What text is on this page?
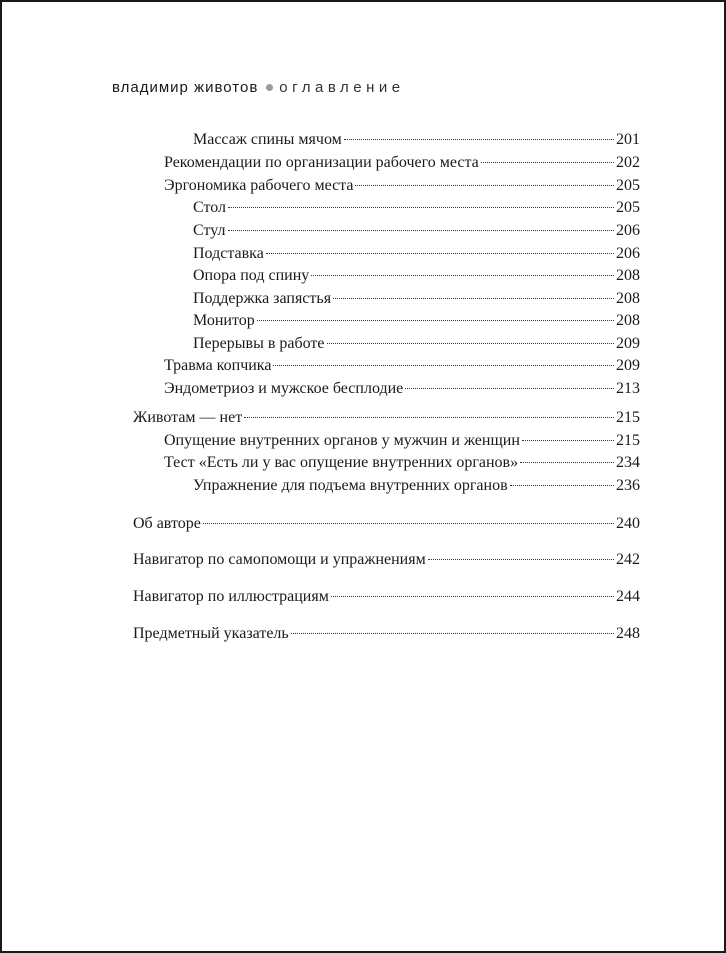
владимир животов оглавление
Массаж спины мячом	201
Рекомендации по организации рабочего места	202
Эргономика рабочего места	205
Стол	205
Стул	206
Подставка	206
Опора под спину	208
Поддержка запястья	208
Монитор	208
Перерывы в работе	209
Травма копчика	209
Эндометриоз и мужское бесплодие	213
Животам — нет	215
Опущение внутренних органов у мужчин и женщин	215
Тест «Есть ли у вас опущение внутренних органов»	234
Упражнение для подъема внутренних органов	236
Об авторе	240
Навигатор по самопомощи и упражнениям	242
Навигатор по иллюстрациям	244
Предметный указатель	248
